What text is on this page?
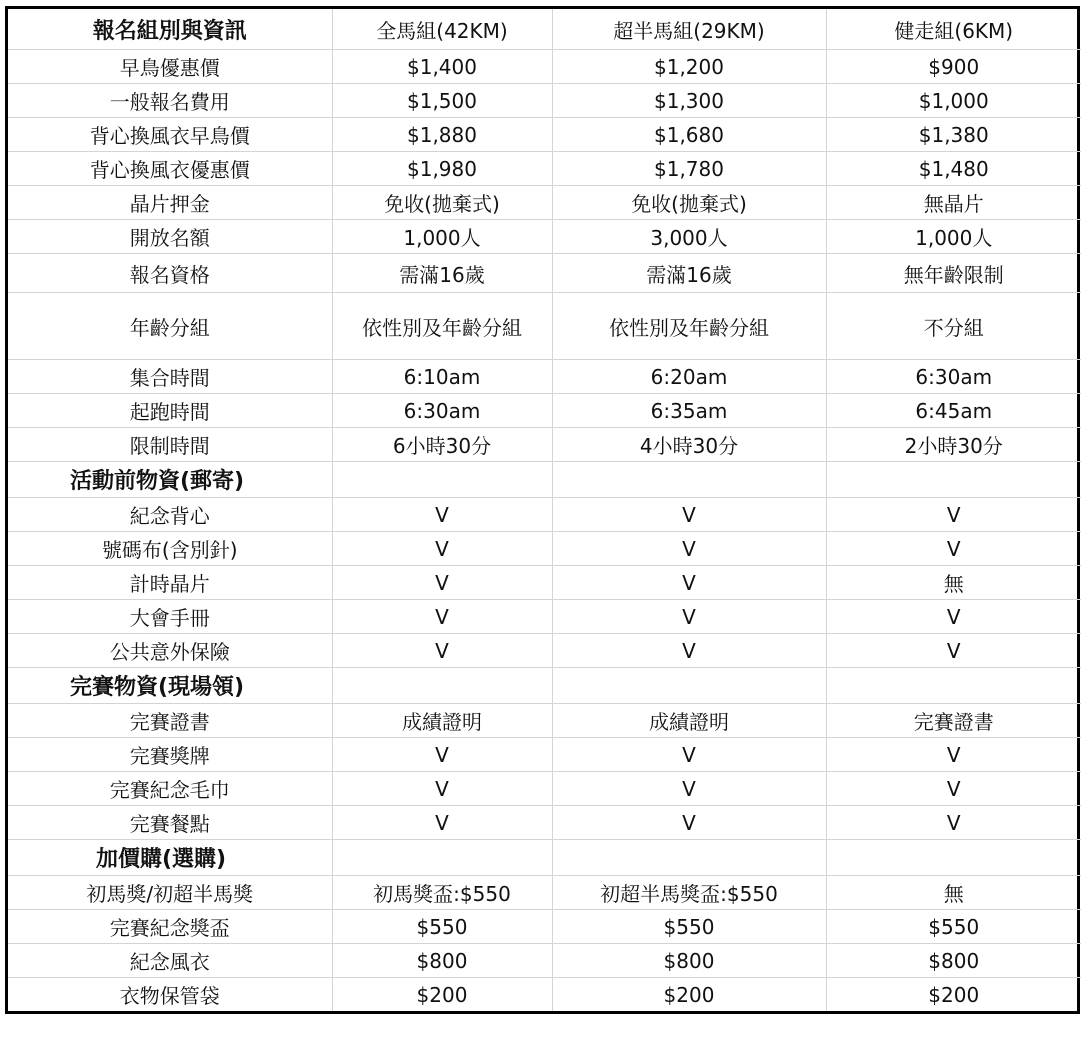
報名組別與資訊	全馬組(42KM)	超半馬組(29KM)	健走組(6KM)
早鳥優惠價	$1,400	$1,200	$900
一般報名費用	$1,500	$1,300	$1,000
背心換風衣早鳥價	$1,880	$1,680	$1,380
背心換風衣優惠價	$1,980	$1,780	$1,480
晶片押金	免收(拋棄式)	免收(拋棄式)	無晶片
開放名額	1,000人	3,000人	1,000人
報名資格	需滿16歲	需滿16歲	無年齡限制
年齡分組	依性別及年齡分組	依性別及年齡分組	不分組
集合時間	6:10am	6:20am	6:30am
起跑時間	6:30am	6:35am	6:45am
限制時間	6小時30分	4小時30分	2小時30分
活動前物資(郵寄)			
紀念背心	V	V	V
號碼布(含別針)	V	V	V
計時晶片	V	V	無
大會手冊	V	V	V
公共意外保險	V	V	V
完賽物資(現場領)			
完賽證書	成績證明	成績證明	完賽證書
完賽獎牌	V	V	V
完賽紀念毛巾	V	V	V
完賽餐點	V	V	V
加價購(選購)			
初馬獎/初超半馬獎	初馬獎盃:$550	初超半馬獎盃:$550	無
完賽紀念獎盃	$550	$550	$550
紀念風衣	$800	$800	$800
衣物保管袋	$200	$200	$200
